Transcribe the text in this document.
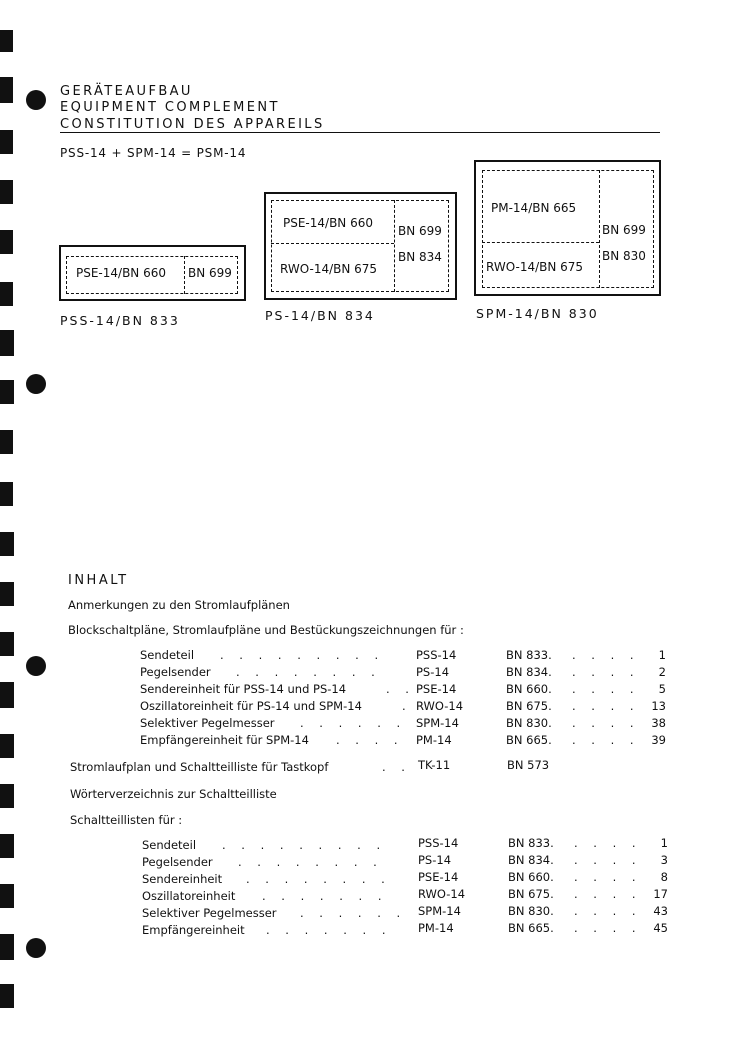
GERÄTEAUFBAU
EQUIPMENT COMPLEMENT
CONSTITUTION DES APPAREILS
PSS-14 + SPM-14 = PSM-14
PSE-14/BN 660 BN 699
PSS-14/BN 833
PSE-14/BN 660
RWO-14/BN 675
BN 699
BN 834
PS-14/BN 834
PM-14/BN 665
RWO-14/BN 675
BN 699
BN 830
SPM-14/BN 830
INHALT
Anmerkungen zu den Stromlaufplänen
Blockschaltpläne, Stromlaufpläne und Bestückungszeichnungen für :
Sendeteil . . . . . . . . .	PSS-14	BN 833. . . . . 1
Pegelsender . . . . . . . .	PS-14	BN 834. . . . . 2
Sendereinheit für PSS-14 und PS-14	. . PSE-14	BN 660. . . . . 5
Oszillatoreinheit für PS-14 und SPM-14	. RWO-14	BN 675. . . . . 13
Selektiver Pegelmesser . . . . . . SPM-14	BN 830. . . . . 38
Empfängereinheit für SPM-14 . . . . PM-14	BN 665. . . . . 39
Stromlaufplan und Schaltteilliste für Tastkopf	. . TK-11	BN 573
Wörterverzeichnis zur Schaltteilliste
Schaltteillisten für :
Sendeteil . . . . . . . . .	PSS-14	BN 833. . . . . 1
Pegelsender . . . . . . . .	PS-14	BN 834. . . . . 3
Sendereinheit . . . . . . . . PSE-14	BN 660. . . . . 8
Oszillatoreinheit . . . . . . .	RWO-14	BN 675. . . . . 17
Selektiver Pegelmesser . . . . . . SPM-14	BN 830. . . . . 43
Empfängereinheit . . . . . . . PM-14	BN 665. . . . . 45
